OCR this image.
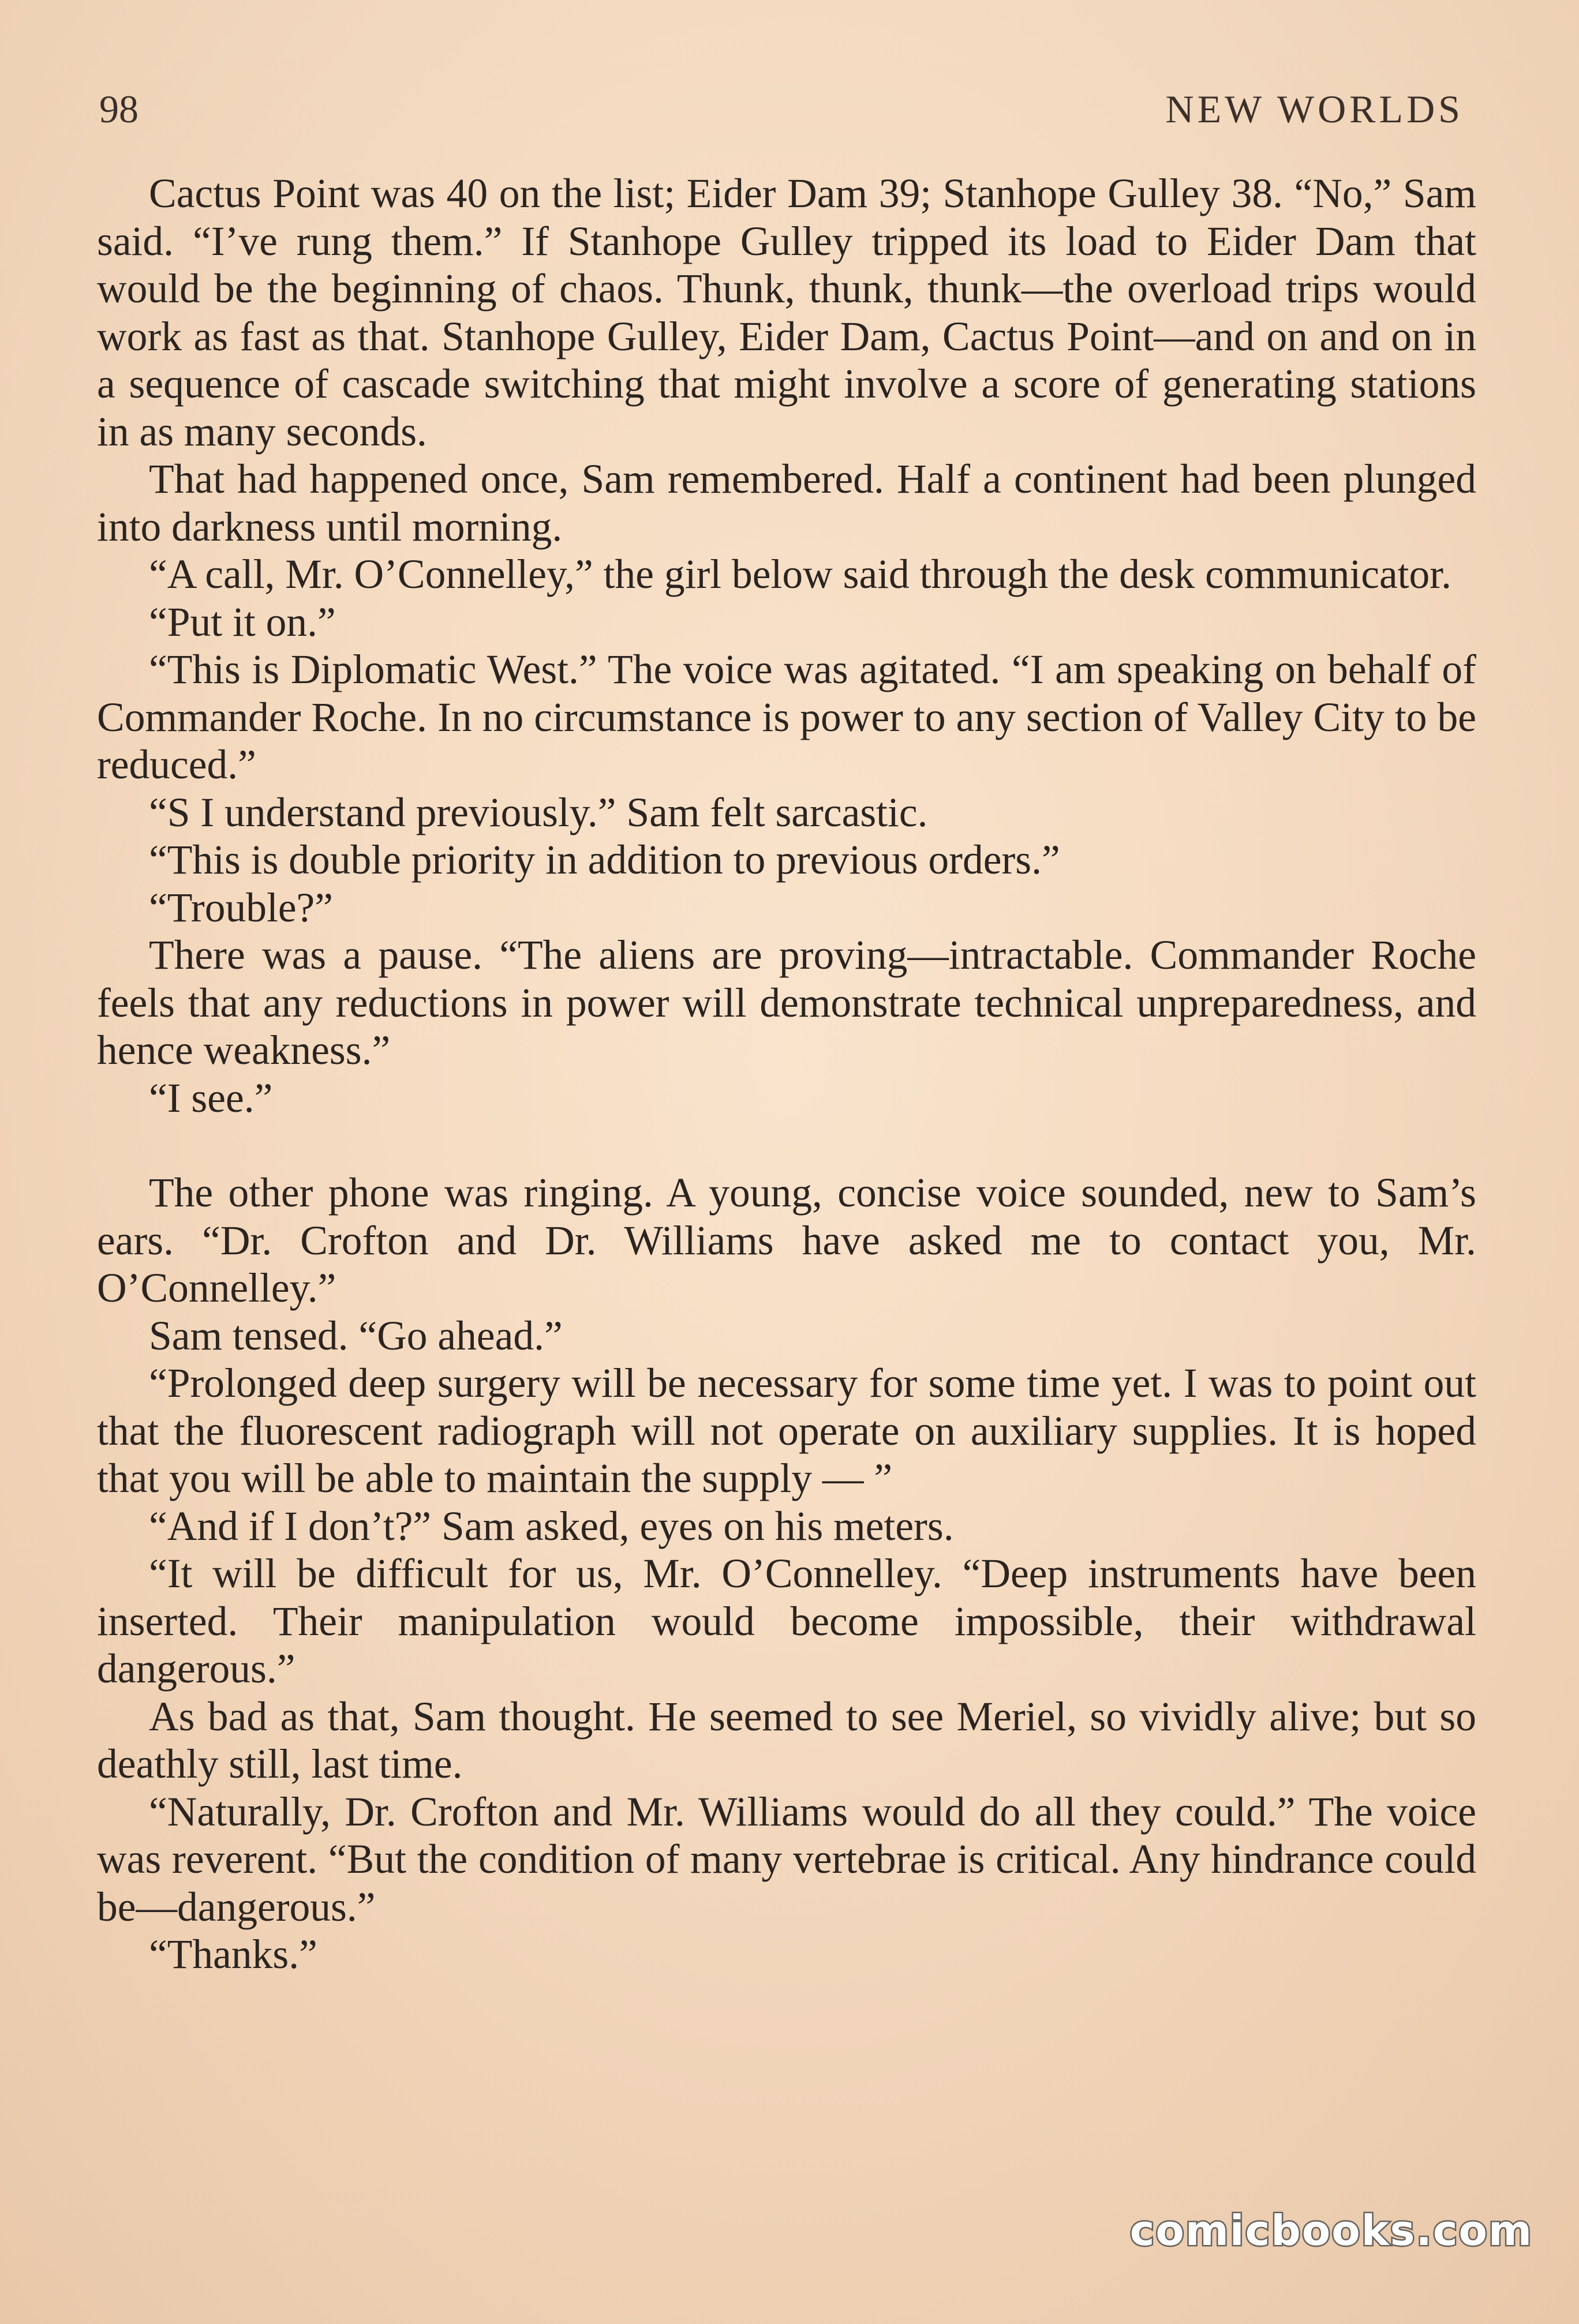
98	NEW WORLDS

Cactus Point was 40 on the list; Eider Dam 39; Stanhope Gulley 38. “No,” Sam said. “I’ve rung them.” If Stanhope Gulley tripped its load to Eider Dam that would be the beginning of chaos. Thunk, thunk, thunk—the overload trips would work as fast as that. Stanhope Gulley, Eider Dam, Cactus Point—and on and on in a sequence of cascade switching that might involve a score of generating stations in as many seconds.

That had happened once, Sam remembered. Half a continent had been plunged into darkness until morning.

“A call, Mr. O’Connelley,” the girl below said through the desk communicator.

“Put it on.”

“This is Diplomatic West.” The voice was agitated. “I am speaking on behalf of Commander Roche. In no circumstance is power to any section of Valley City to be reduced.”

“S I understand previously.” Sam felt sarcastic.

“This is double priority in addition to previous orders.”

“Trouble?”

There was a pause. “The aliens are proving—intractable. Commander Roche feels that any reductions in power will demonstrate technical unpreparedness, and hence weakness.”

“I see.”

The other phone was ringing. A young, concise voice sounded, new to Sam’s ears. “Dr. Crofton and Dr. Williams have asked me to contact you, Mr. O’Connelley.”

Sam tensed. “Go ahead.”

“Prolonged deep surgery will be necessary for some time yet. I was to point out that the fluorescent radiograph will not operate on auxiliary supplies. It is hoped that you will be able to maintain the supply — ”

“And if I don’t?” Sam asked, eyes on his meters.

“It will be difficult for us, Mr. O’Connelley. “Deep instruments have been inserted. Their manipulation would become impossible, their withdrawal dangerous.”

As bad as that, Sam thought. He seemed to see Meriel, so vividly alive; but so deathly still, last time.

“Naturally, Dr. Crofton and Mr. Williams would do all they could.” The voice was reverent. “But the condition of many vertebrae is critical. Any hindrance could be—dangerous.”

“Thanks.”

comicbooks.com
